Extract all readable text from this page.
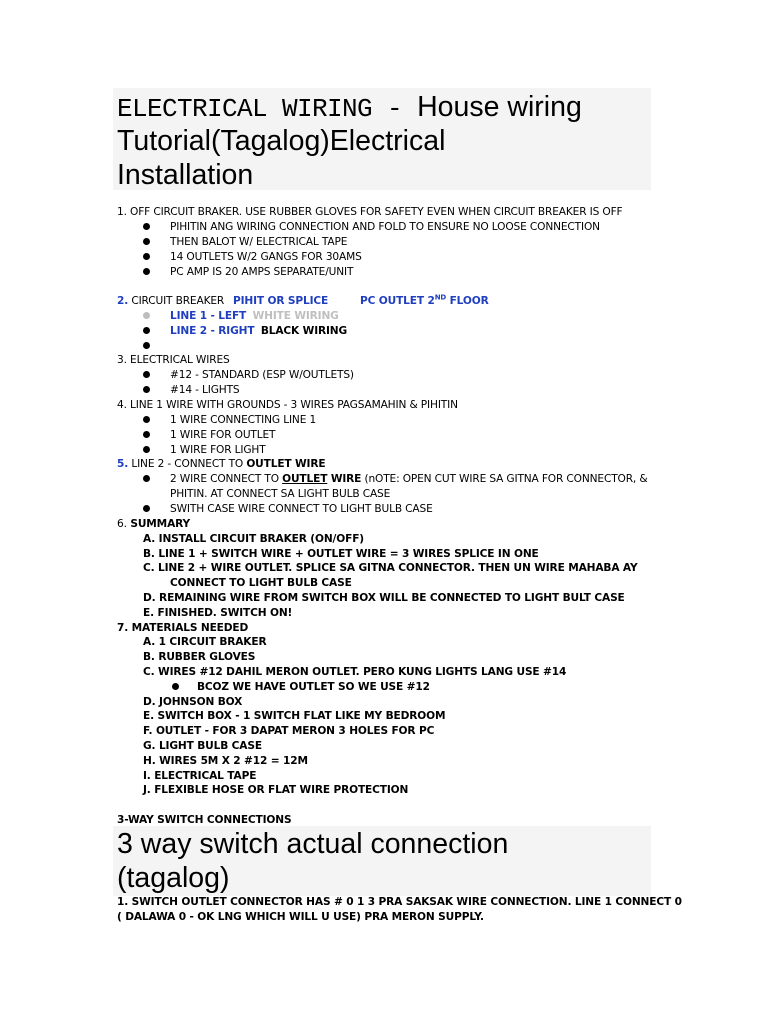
ELECTRICAL WIRING - House wiring
Tutorial(Tagalog)Electrical
Installation
1. OFF CIRCUIT BRAKER. USE RUBBER GLOVES FOR SAFETY EVEN WHEN CIRCUIT BREAKER IS OFF
PIHITIN ANG WIRING CONNECTION AND FOLD TO ENSURE NO LOOSE CONNECTION
THEN BALOT W/ ELECTRICAL TAPE
14 OUTLETS W/2 GANGS FOR 30AMS
PC AMP IS 20 AMPS SEPARATE/UNIT
2. CIRCUIT BREAKER PIHIT OR SPLICE	PC OUTLET 2ND FLOOR
LINE 1 - LEFT WHITE WIRING
LINE 2 - RIGHT BLACK WIRING
3. ELECTRICAL WIRES
#12 - STANDARD (ESP W/OUTLETS)
#14 - LIGHTS
4. LINE 1 WIRE WITH GROUNDS - 3 WIRES PAGSAMAHIN & PIHITIN
1 WIRE CONNECTING LINE 1
1 WIRE FOR OUTLET
1 WIRE FOR LIGHT
5. LINE 2 - CONNECT TO OUTLET WIRE
2 WIRE CONNECT TO OUTLET WIRE (nOTE: OPEN CUT WIRE SA GITNA FOR CONNECTOR, &
PHITIN. AT CONNECT SA LIGHT BULB CASE
SWITH CASE WIRE CONNECT TO LIGHT BULB CASE
6. SUMMARY
A. INSTALL CIRCUIT BRAKER (ON/OFF)
B. LINE 1 + SWITCH WIRE + OUTLET WIRE = 3 WIRES SPLICE IN ONE
C. LINE 2 + WIRE OUTLET. SPLICE SA GITNA CONNECTOR. THEN UN WIRE MAHABA AY
CONNECT TO LIGHT BULB CASE
D. REMAINING WIRE FROM SWITCH BOX WILL BE CONNECTED TO LIGHT BULT CASE
E. FINISHED. SWITCH ON!
7. MATERIALS NEEDED
A. 1 CIRCUIT BRAKER
B. RUBBER GLOVES
C. WIRES #12 DAHIL MERON OUTLET. PERO KUNG LIGHTS LANG USE #14
BCOZ WE HAVE OUTLET SO WE USE #12
D. JOHNSON BOX
E. SWITCH BOX - 1 SWITCH FLAT LIKE MY BEDROOM
F. OUTLET - FOR 3 DAPAT MERON 3 HOLES FOR PC
G. LIGHT BULB CASE
H. WIRES 5M X 2 #12 = 12M
I. ELECTRICAL TAPE
J. FLEXIBLE HOSE OR FLAT WIRE PROTECTION
3-WAY SWITCH CONNECTIONS
3 way switch actual connection
(tagalog)
1. SWITCH OUTLET CONNECTOR HAS # 0 1 3 PRA SAKSAK WIRE CONNECTION. LINE 1 CONNECT 0
( DALAWA 0 - OK LNG WHICH WILL U USE) PRA MERON SUPPLY.
